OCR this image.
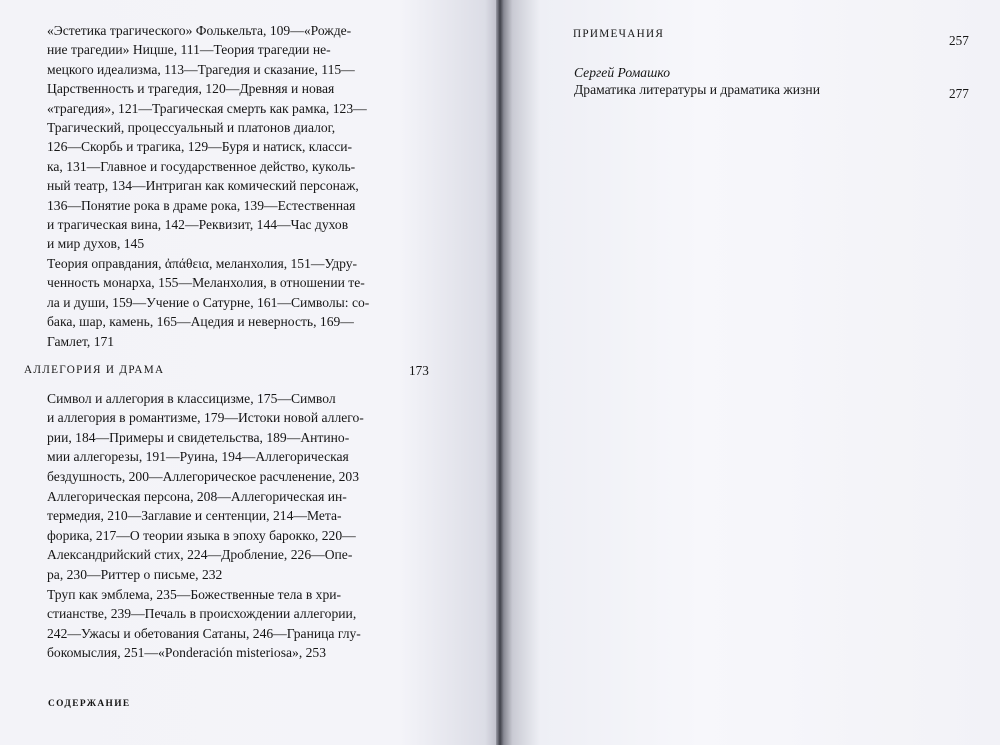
«Эстетика трагического» Фолькельта, 109—«Рожде-
ние трагедии» Ницше, 111—Теория трагедии не-
мецкого идеализма, 113—Трагедия и сказание, 115—
Царственность и трагедия, 120—Древняя и новая
«трагедия», 121—Трагическая смерть как рамка, 123—
Трагический, процессуальный и платонов диалог,
126—Скорбь и трагика, 129—Буря и натиск, класси-
ка, 131—Главное и государственное действо, куколь-
ный театр, 134—Интриган как комический персонаж,
136—Понятие рока в драме рока, 139—Естественная
и трагическая вина, 142—Реквизит, 144—Час духов
и мир духов, 145
Теория оправдания, ἀπάθεια, меланхолия, 151—Удру-
ченность монарха, 155—Меланхолия, в отношении те-
ла и души, 159—Учение о Сатурне, 161—Символы: со-
бака, шар, камень, 165—Ацедия и неверность, 169—
Гамлет, 171
АЛЛЕГОРИЯ И ДРАМА	173
Символ и аллегория в классицизме, 175—Символ
и аллегория в романтизме, 179—Истоки новой аллего-
рии, 184—Примеры и свидетельства, 189—Антино-
мии аллегорезы, 191—Руина, 194—Аллегорическая
бездушность, 200—Аллегорическое расчленение, 203
Аллегорическая персона, 208—Аллегорическая ин-
термедия, 210—Заглавие и сентенции, 214—Мета-
форика, 217—О теории языка в эпоху барокко, 220—
Александрийский стих, 224—Дробление, 226—Опе-
ра, 230—Риттер о письме, 232
Труп как эмблема, 235—Божественные тела в хри-
стианстве, 239—Печаль в происхождении аллегории,
242—Ужасы и обетования Сатаны, 246—Граница глу-
бокомыслия, 251—«Ponderación misteriosa», 253
СОДЕРЖАНИЕ
ПРИМЕЧАНИЯ	257
277
Сергей Ромашко
Драматика литературы и драматика жизни
